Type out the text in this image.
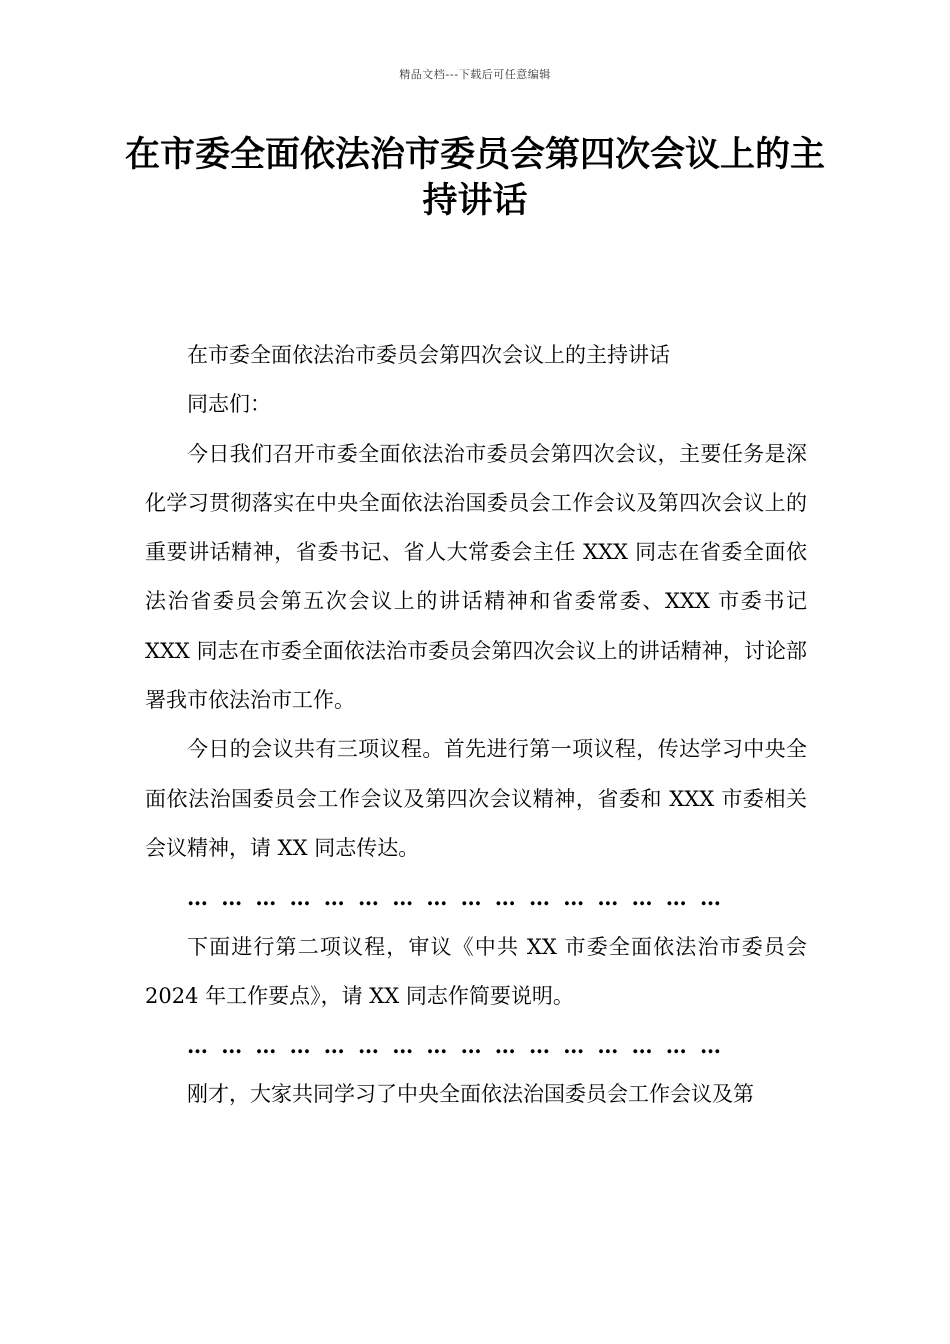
精品文档---下载后可任意编辑
在市委全面依法治市委员会第四次会议上的主持讲话

在市委全面依法治市委员会第四次会议上的主持讲话

同志们：

今日我们召开市委全面依法治市委员会第四次会议，主要任务是深化学习贯彻落实在中央全面依法治国委员会工作会议及第四次会议上的重要讲话精神，省委书记、省人大常委会主任 XXX 同志在省委全面依法治省委员会第五次会议上的讲话精神和省委常委、XXX 市委书记 XXX 同志在市委全面依法治市委员会第四次会议上的讲话精神，讨论部署我市依法治市工作。

今日的会议共有三项议程。首先进行第一项议程，传达学习中央全面依法治国委员会工作会议及第四次会议精神，省委和 XXX 市委相关会议精神，请 XX 同志传达。

…………………………………………

下面进行第二项议程，审议《中共 XX 市委全面依法治市委员会 2024 年工作要点》，请 XX 同志作简要说明。

…………………………………………

刚才，大家共同学习了中央全面依法治国委员会工作会议及第
